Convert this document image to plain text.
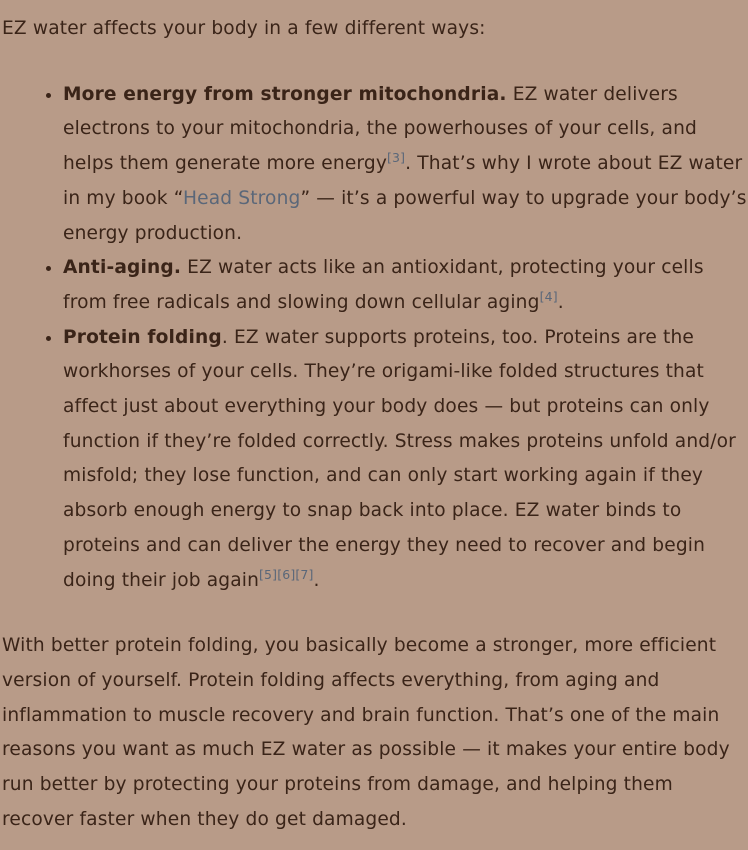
EZ water affects your body in a few different ways:

• More energy from stronger mitochondria. EZ water delivers electrons to your mitochondria, the powerhouses of your cells, and helps them generate more energy[3]. That’s why I wrote about EZ water in my book “Head Strong” — it’s a powerful way to upgrade your body’s energy production.
• Anti-aging. EZ water acts like an antioxidant, protecting your cells from free radicals and slowing down cellular aging[4].
• Protein folding. EZ water supports proteins, too. Proteins are the workhorses of your cells. They’re origami-like folded structures that affect just about everything your body does — but proteins can only function if they’re folded correctly. Stress makes proteins unfold and/or misfold; they lose function, and can only start working again if they absorb enough energy to snap back into place. EZ water binds to proteins and can deliver the energy they need to recover and begin doing their job again[5][6][7].

With better protein folding, you basically become a stronger, more efficient version of yourself. Protein folding affects everything, from aging and inflammation to muscle recovery and brain function. That’s one of the main reasons you want as much EZ water as possible — it makes your entire body run better by protecting your proteins from damage, and helping them recover faster when they do get damaged.
